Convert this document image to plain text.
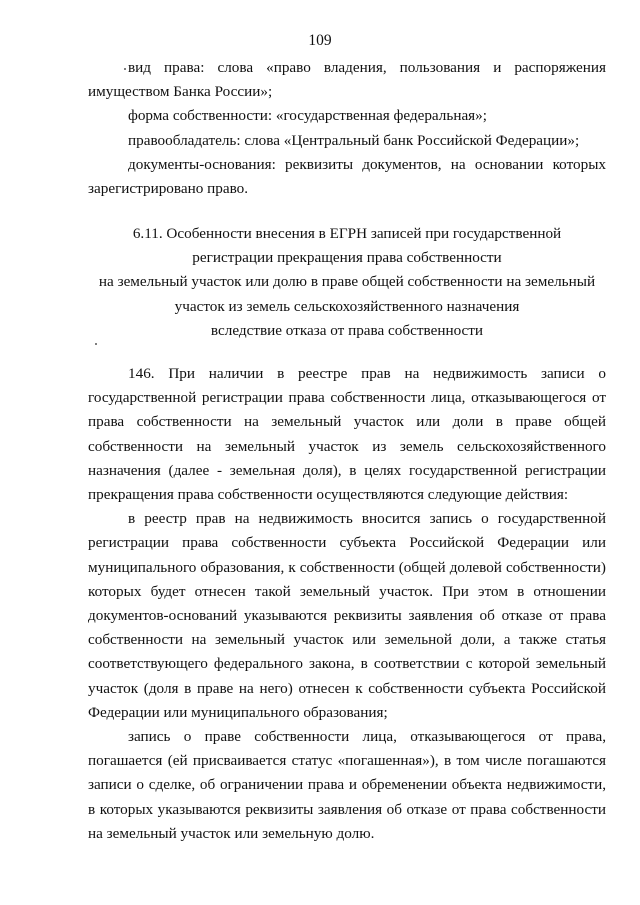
109

вид права: слова «право владения, пользования и распоряжения имуществом Банка России»;

форма собственности: «государственная федеральная»;

правообладатель: слова «Центральный банк Российской Федерации»;

документы-основания: реквизиты документов, на основании которых зарегистрировано право.

6.11. Особенности внесения в ЕГРН записей при государственной
регистрации прекращения права собственности
на земельный участок или долю в праве общей собственности на земельный
участок из земель сельскохозяйственного назначения
вследствие отказа от права собственности

146. При наличии в реестре прав на недвижимость записи о государственной регистрации права собственности лица, отказывающегося от права собственности на земельный участок или доли в праве общей собственности на земельный участок из земель сельскохозяйственного назначения (далее - земельная доля), в целях государственной регистрации прекращения права собственности осуществляются следующие действия:

в реестр прав на недвижимость вносится запись о государственной регистрации права собственности субъекта Российской Федерации или муниципального образования, к собственности (общей долевой собственности) которых будет отнесен такой земельный участок. При этом в отношении документов-оснований указываются реквизиты заявления об отказе от права собственности на земельный участок или земельной доли, а также статья соответствующего федерального закона, в соответствии с которой земельный участок (доля в праве на него) отнесен к собственности субъекта Российской Федерации или муниципального образования;

запись о праве собственности лица, отказывающегося от права, погашается (ей присваивается статус «погашенная»), в том числе погашаются записи о сделке, об ограничении права и обременении объекта недвижимости, в которых указываются реквизиты заявления об отказе от права собственности на земельный участок или земельную долю.
